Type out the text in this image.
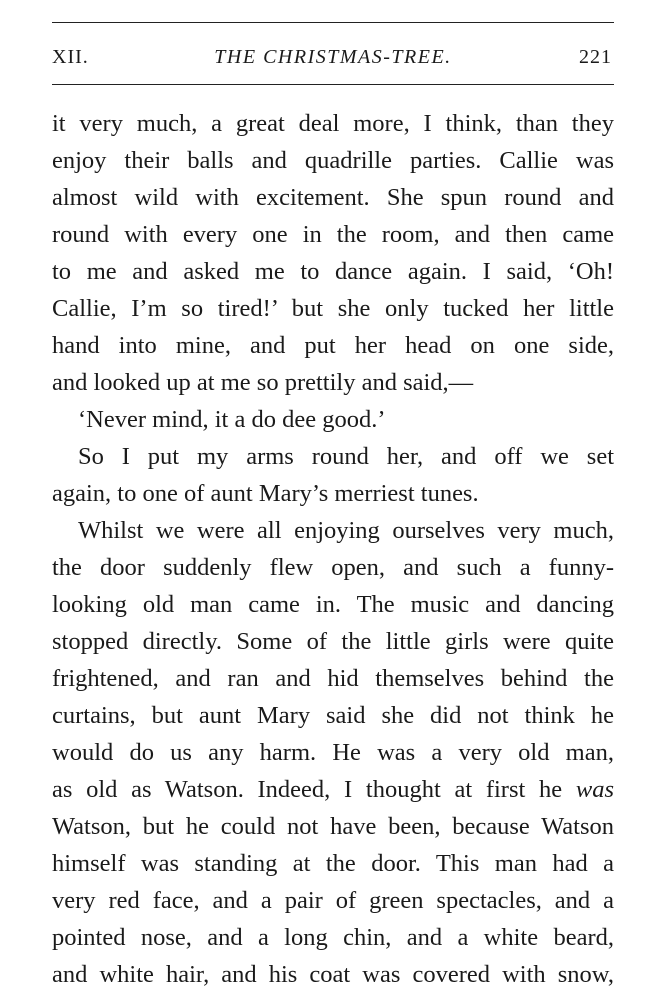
XII.	THE CHRISTMAS-TREE.	221
it very much, a great deal more, I think, than they
enjoy their balls and quadrille parties. Callie was
almost wild with excitement. She spun round and
round with every one in the room, and then came
to me and asked me to dance again. I said, ‘Oh!
Callie, I’m so tired!’ but she only tucked her little
hand into mine, and put her head on one side,
and looked up at me so prettily and said,—
‘Never mind, it a do dee good.’
So I put my arms round her, and off we set
again, to one of aunt Mary’s merriest tunes.
Whilst we were all enjoying ourselves very much,
the door suddenly flew open, and such a funny-
looking old man came in. The music and dancing
stopped directly. Some of the little girls were quite
frightened, and ran and hid themselves behind the
curtains, but aunt Mary said she did not think he
would do us any harm. He was a very old man,
as old as Watson. Indeed, I thought at first he was
Watson, but he could not have been, because Watson
himself was standing at the door. This man had a
very red face, and a pair of green spectacles, and a
pointed nose, and a long chin, and a white beard,
and white hair, and his coat was covered with snow,
